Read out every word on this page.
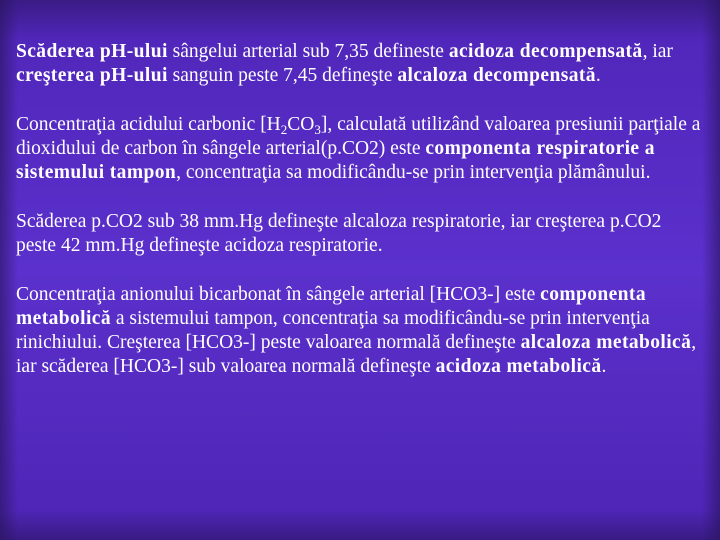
Scăderea pH-ului sângelui arterial sub 7,35 defineste acidoza decompensată, iar creşterea pH-ului sanguin peste 7,45 defineşte alcaloza decompensată.

Concentraţia acidului carbonic $[H_2CO_3]$, calculată utilizând valoarea presiunii parţiale a dioxidului de carbon în sângele arterial(p.CO2) este componenta respiratorie a sistemului tampon, concentraţia sa modificându-se prin intervenţia plămânului.

Scăderea p.CO2 sub 38 mm.Hg defineşte alcaloza respiratorie, iar creşterea p.CO2 peste 42 mm.Hg defineşte acidoza respiratorie.

Concentraţia anionului bicarbonat în sângele arterial [HCO3-] este componenta metabolică a sistemului tampon, concentraţia sa modificându-se prin intervenţia rinichiului. Creşterea [HCO3-] peste valoarea normală defineşte alcaloza metabolică, iar scăderea [HCO3-] sub valoarea normală defineşte acidoza metabolică.
